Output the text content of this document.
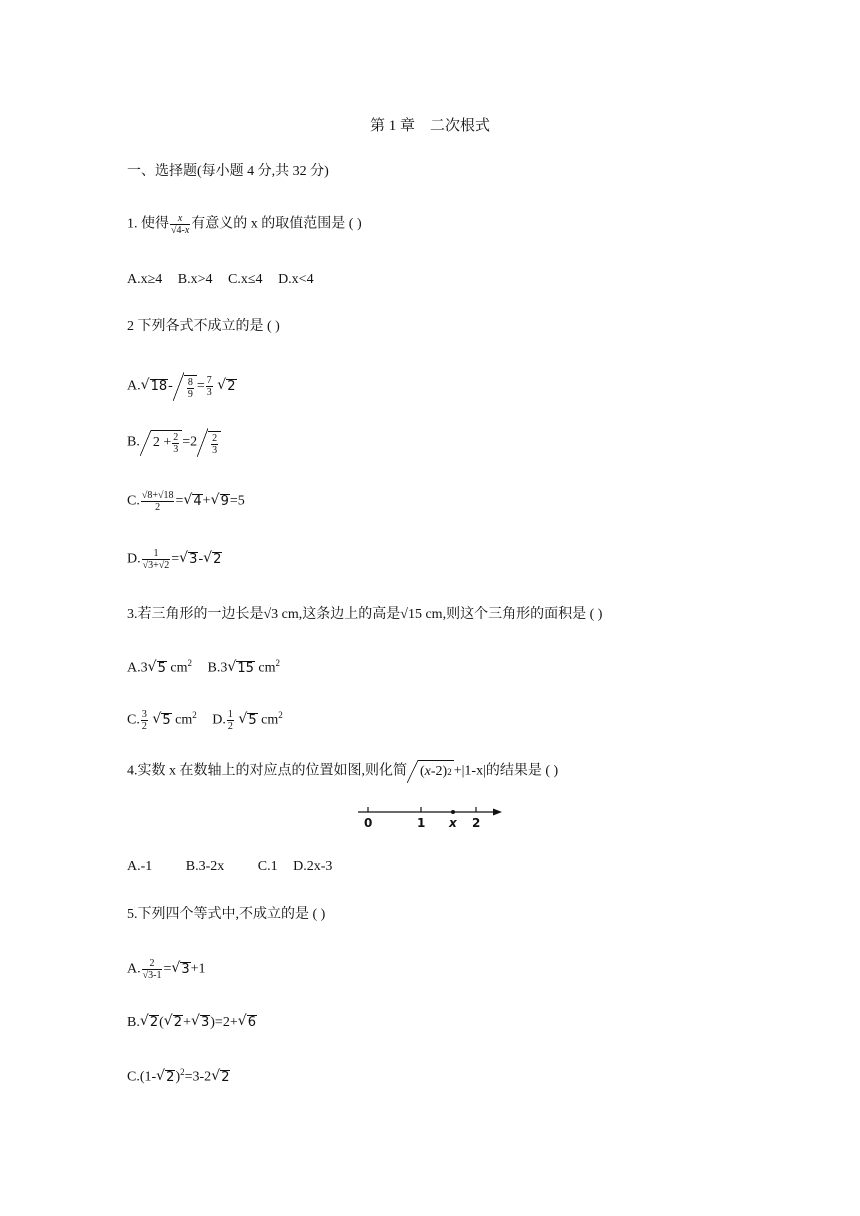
第 1 章　二次根式
一、选择题(每小题 4 分,共 32 分)
1. 使得 $\frac{x}{√4-x}$ 有意义的 x 的取值范围是 ( )
A.x≥4 B.x>4 C.x≤4 D.x<4
2 下列各式不成立的是 ( )
A. √ $18- \frac{8}{9} = \frac{7}{3}$ √ 2
B. $2 + \frac{2}{3} =2 \frac{2}{3}$
C. $\frac{√8+√18}{2}$ = √ 4+ √ 9=5
D. $\frac{1}{√3+√2}$ = √ 3- √ 2
3.若三角形的一边长是√3 cm,这条边上的高是√15 cm,则这个三角形的面积是 ( )
A.3 √ 5 $cm^2$ B.3 √ 15 $cm^2$
C. $\frac{3}{2}$ √ 5 $cm^2$ D. $\frac{1}{2}$ √ 5 $cm^2$
4.实数 x 在数轴上的对应点的位置如图,则化简 ( x -2) 2 +|1-x|的结果是 ( )
0	1 x 2
A.-1 B.3-2x C.1 D.2x-3
5.下列四个等式中,不成立的是 ( )
A. $\frac{2}{√3-1}$ = √ 3+1
B. √ 2( √ 2+ √ 3)=2+ √ 6
C.(1- √ 2)$^2$=3-2 √ 2
